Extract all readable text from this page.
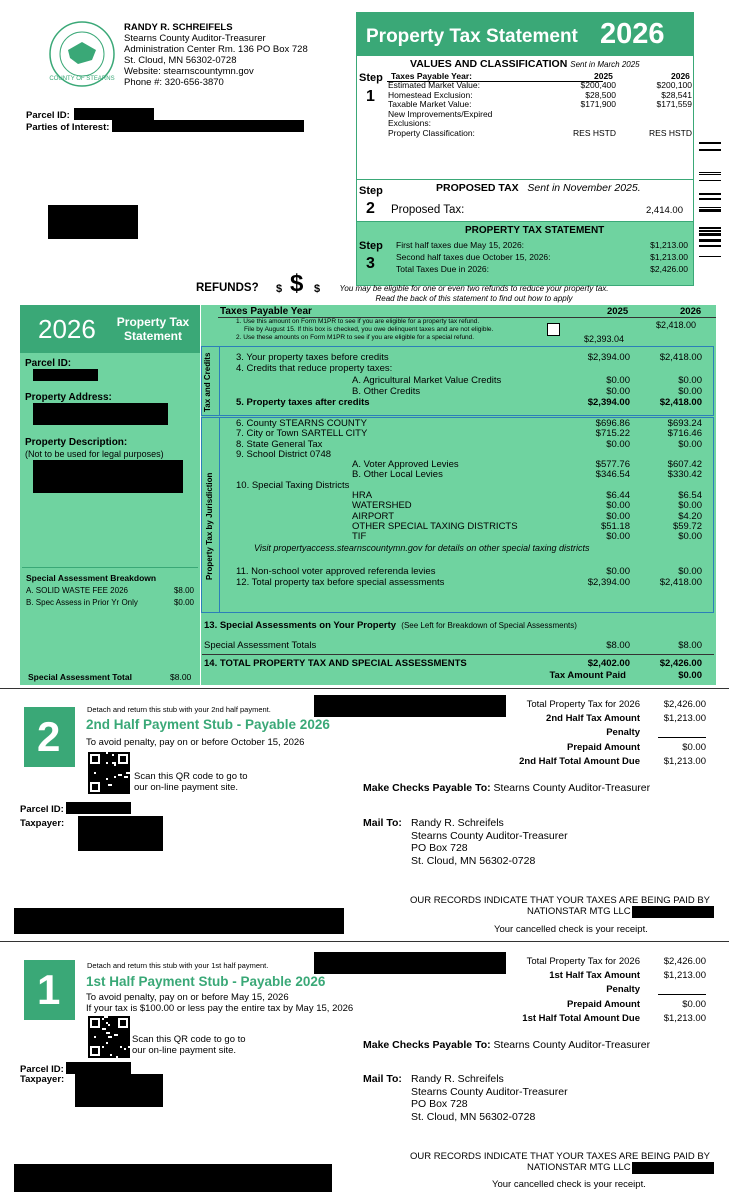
COUNTY OF STEARNS
RANDY R. SCHREIFELS
Stearns County Auditor-Treasurer
Administration Center Rm. 136 PO Box 728
St. Cloud, MN 56302-0728
Website: stearnscountymn.gov
Phone #: 320-656-3870
Parcel ID:
Parties of Interest:
Property Tax Statement 2026
Step
1
VALUES AND CLASSIFICATION Sent in March 2025
Taxes Payable Year:	2025	2026
Estimated Market Value:	$200,400	$200,100
Homestead Exclusion:	$28,500	$28,541
Taxable Market Value:	$171,900	$171,559
New Improvements/Expired Exclusions:
Property Classification:	RES HSTD	RES HSTD
Step
2
PROPOSED TAX Sent in November 2025.
Proposed Tax:	2,414.00
Step
3
PROPERTY TAX STATEMENT
First half taxes due May 15, 2026:	$1,213.00
Second half taxes due October 15, 2026:	$1,213.00
Total Taxes Due in 2026:	$2,426.00
REFUNDS? $ $ $	You may be eligible for one or even two refunds to reduce your property tax.
Read the back of this statement to find out how to apply
2026	Property Tax
Statement
Parcel ID:
Property Address:
Property Description:
(Not to be used for legal purposes)
Special Assessment Breakdown
A. SOLID WASTE FEE 2026	$8.00
B. Spec Assess in Prior Yr Only	$0.00
Special Assessment Total	$8.00
Taxes Payable Year	2025	2026
1. Use this amount on Form M1PR to see if you are eligible for a property tax refund.
File by August 15. If this box is checked, you owe delinquent taxes and are not eligible.
2. Use these amounts on Form M1PR to see if you are eligible for a special refund.
$2,418.00
$2,393.04
Tax and Credits	3. Your property taxes before credits	$2,394.00	$2,418.00
4. Credits that reduce property taxes:
A. Agricultural Market Value Credits	$0.00	$0.00
B. Other Credits	$0.00	$0.00
5. Property taxes after credits	$2,394.00	$2,418.00
Property Tax by Jurisdiction
6. County STEARNS COUNTY	$696.86	$693.24
7. City or Town SARTELL CITY	$715.22	$716.46
8. State General Tax	$0.00	$0.00
9. School District 0748
A. Voter Approved Levies	$577.76	$607.42
B. Other Local Levies	$346.54	$330.42
10. Special Taxing Districts
HRA	$6.44	$6.54
WATERSHED	$0.00	$0.00
AIRPORT	$0.00	$4.20
OTHER SPECIAL TAXING DISTRICTS	$51.18	$59.72
TIF	$0.00	$0.00
Visit propertyaccess.stearnscountymn.gov for details on other special taxing districts
11. Non-school voter approved referenda levies	$0.00	$0.00
12. Total property tax before special assessments	$2,394.00	$2,418.00
13. Special Assessments on Your Property (See Left for Breakdown of Special Assessments)
Special Assessment Totals	$8.00	$8.00
14. TOTAL PROPERTY TAX AND SPECIAL ASSESSMENTS	$2,402.00	$2,426.00
Tax Amount Paid	$0.00
2
Detach and return this stub with your 2nd half payment.
2nd Half Payment Stub - Payable 2026
To avoid penalty, pay on or before October 15, 2026
Scan this QR code to go to
our on-line payment site.
Parcel ID:
Taxpayer:
Total Property Tax for 2026	$2,426.00
2nd Half Tax Amount	$1,213.00
Penalty
Prepaid Amount	$0.00
2nd Half Total Amount Due	$1,213.00
Make Checks Payable To: Stearns County Auditor-Treasurer
Mail To: Randy R. Schreifels
Stearns County Auditor-Treasurer
PO Box 728
St. Cloud, MN 56302-0728
OUR RECORDS INDICATE THAT YOUR TAXES ARE BEING PAID BY
NATIONSTAR MTG LLC
Your cancelled check is your receipt.
1
Detach and return this stub with your 1st half payment.
1st Half Payment Stub - Payable 2026
To avoid penalty, pay on or before May 15, 2026
If your tax is $100.00 or less pay the entire tax by May 15, 2026
Scan this QR code to go to
our on-line payment site.
Parcel ID:
Taxpayer:
Total Property Tax for 2026	$2,426.00
1st Half Tax Amount	$1,213.00
Penalty
Prepaid Amount	$0.00
1st Half Total Amount Due	$1,213.00
Make Checks Payable To: Stearns County Auditor-Treasurer
Mail To: Randy R. Schreifels
Stearns County Auditor-Treasurer
PO Box 728
St. Cloud, MN 56302-0728
OUR RECORDS INDICATE THAT YOUR TAXES ARE BEING PAID BY
NATIONSTAR MTG LLC
Your cancelled check is your receipt.
